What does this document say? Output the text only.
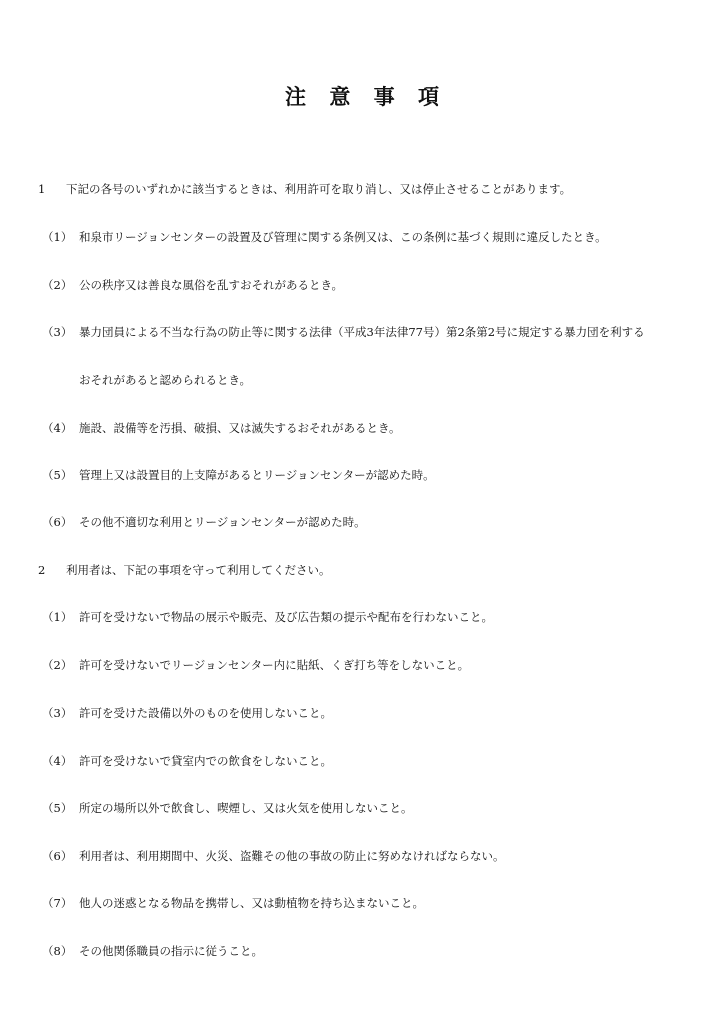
注 意 事 項
1 下記の各号のいずれかに該当するときは、利用許可を取り消し、又は停止させることがあります。
（1） 和泉市リージョンセンターの設置及び管理に関する条例又は、この条例に基づく規則に違反したとき。
（2） 公の秩序又は善良な風俗を乱すおそれがあるとき。
（3） 暴力団員による不当な行為の防止等に関する法律（平成3年法律77号）第2条第2号に規定する暴力団を利する
おそれがあると認められるとき。
（4） 施設、設備等を汚損、破損、又は滅失するおそれがあるとき。
（5） 管理上又は設置目的上支障があるとリージョンセンターが認めた時。
（6） その他不適切な利用とリージョンセンターが認めた時。
2 利用者は、下記の事項を守って利用してください。
（1） 許可を受けないで物品の展示や販売、及び広告類の提示や配布を行わないこと。
（2） 許可を受けないでリージョンセンター内に貼紙、くぎ打ち等をしないこと。
（3） 許可を受けた設備以外のものを使用しないこと。
（4） 許可を受けないで貸室内での飲食をしないこと。
（5） 所定の場所以外で飲食し、喫煙し、又は火気を使用しないこと。
（6） 利用者は、利用期間中、火災、盗難その他の事故の防止に努めなければならない。
（7） 他人の迷惑となる物品を携帯し、又は動植物を持ち込まないこと。
（8） その他関係職員の指示に従うこと。
